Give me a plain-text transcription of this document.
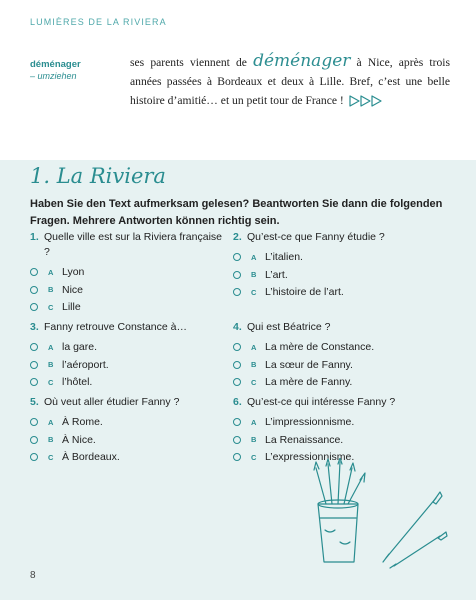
LUMIÈRES DE LA RIVIERA
déménager
– umziehen
ses parents viennent de déménager à Nice, après trois années passées à Bordeaux et deux à Lille. Bref, c’est une belle histoire d’amitié… et un petit tour de France !
1. La Riviera
Haben Sie den Text aufmerksam gelesen? Beantworten Sie dann die folgenden Fragen. Mehrere Antworten können richtig sein.
1. Quelle ville est sur la Riviera française ?
A Lyon
B Nice
C Lille
2. Qu’est-ce que Fanny étudie ?
A L’italien.
B L’art.
C L’histoire de l’art.
3. Fanny retrouve Constance à…
A la gare.
B l’aéroport.
C l’hôtel.
4. Qui est Béatrice ?
A La mère de Constance.
B La sœur de Fanny.
C La mère de Fanny.
5. Où veut aller étudier Fanny ?
A À Rome.
B À Nice.
C À Bordeaux.
6. Qu’est-ce qui intéresse Fanny ?
A L’impressionnisme.
B La Renaissance.
C L’expressionnisme.
8
